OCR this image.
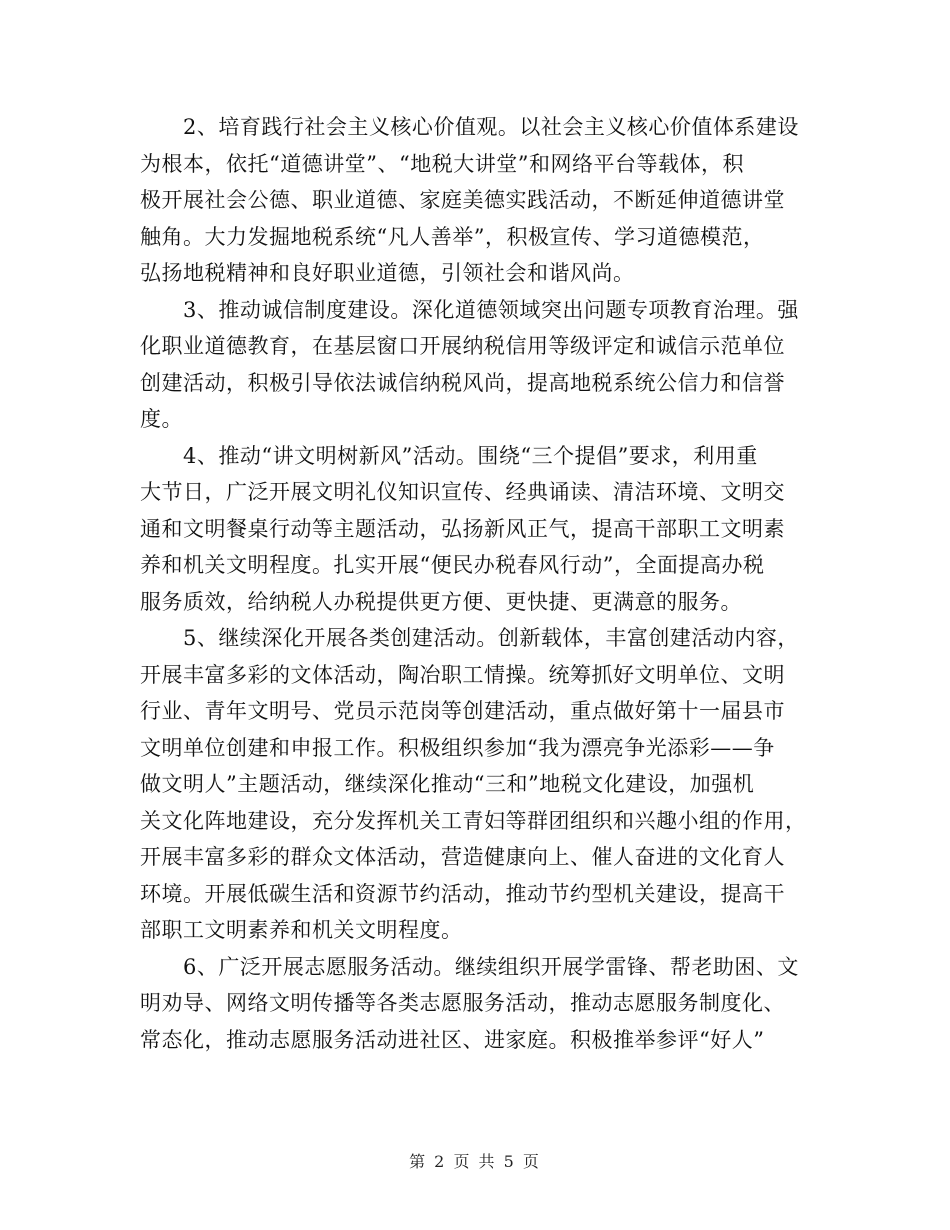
　　2、培育践行社会主义核心价值观。以社会主义核心价值体系建设
为根本，依托“道德讲堂”、“地税大讲堂”和网络平台等载体，积
极开展社会公德、职业道德、家庭美德实践活动，不断延伸道德讲堂
触角。大力发掘地税系统“凡人善举”，积极宣传、学习道德模范，
弘扬地税精神和良好职业道德，引领社会和谐风尚。
　　3、推动诚信制度建设。深化道德领域突出问题专项教育治理。强
化职业道德教育，在基层窗口开展纳税信用等级评定和诚信示范单位
创建活动，积极引导依法诚信纳税风尚，提高地税系统公信力和信誉
度。
　　4、推动“讲文明树新风”活动。围绕“三个提倡”要求，利用重
大节日，广泛开展文明礼仪知识宣传、经典诵读、清洁环境、文明交
通和文明餐桌行动等主题活动，弘扬新风正气，提高干部职工文明素
养和机关文明程度。扎实开展“便民办税春风行动”，全面提高办税
服务质效，给纳税人办税提供更方便、更快捷、更满意的服务。
　　5、继续深化开展各类创建活动。创新载体，丰富创建活动内容，
开展丰富多彩的文体活动，陶冶职工情操。统筹抓好文明单位、文明
行业、青年文明号、党员示范岗等创建活动，重点做好第十一届县市
文明单位创建和申报工作。积极组织参加“我为漂亮争光添彩——争
做文明人”主题活动，继续深化推动“三和”地税文化建设，加强机
关文化阵地建设，充分发挥机关工青妇等群团组织和兴趣小组的作用，
开展丰富多彩的群众文体活动，营造健康向上、催人奋进的文化育人
环境。开展低碳生活和资源节约活动，推动节约型机关建设，提高干
部职工文明素养和机关文明程度。
　　6、广泛开展志愿服务活动。继续组织开展学雷锋、帮老助困、文
明劝导、网络文明传播等各类志愿服务活动，推动志愿服务制度化、
常态化，推动志愿服务活动进社区、进家庭。积极推举参评“好人”
第 2 页 共 5 页
